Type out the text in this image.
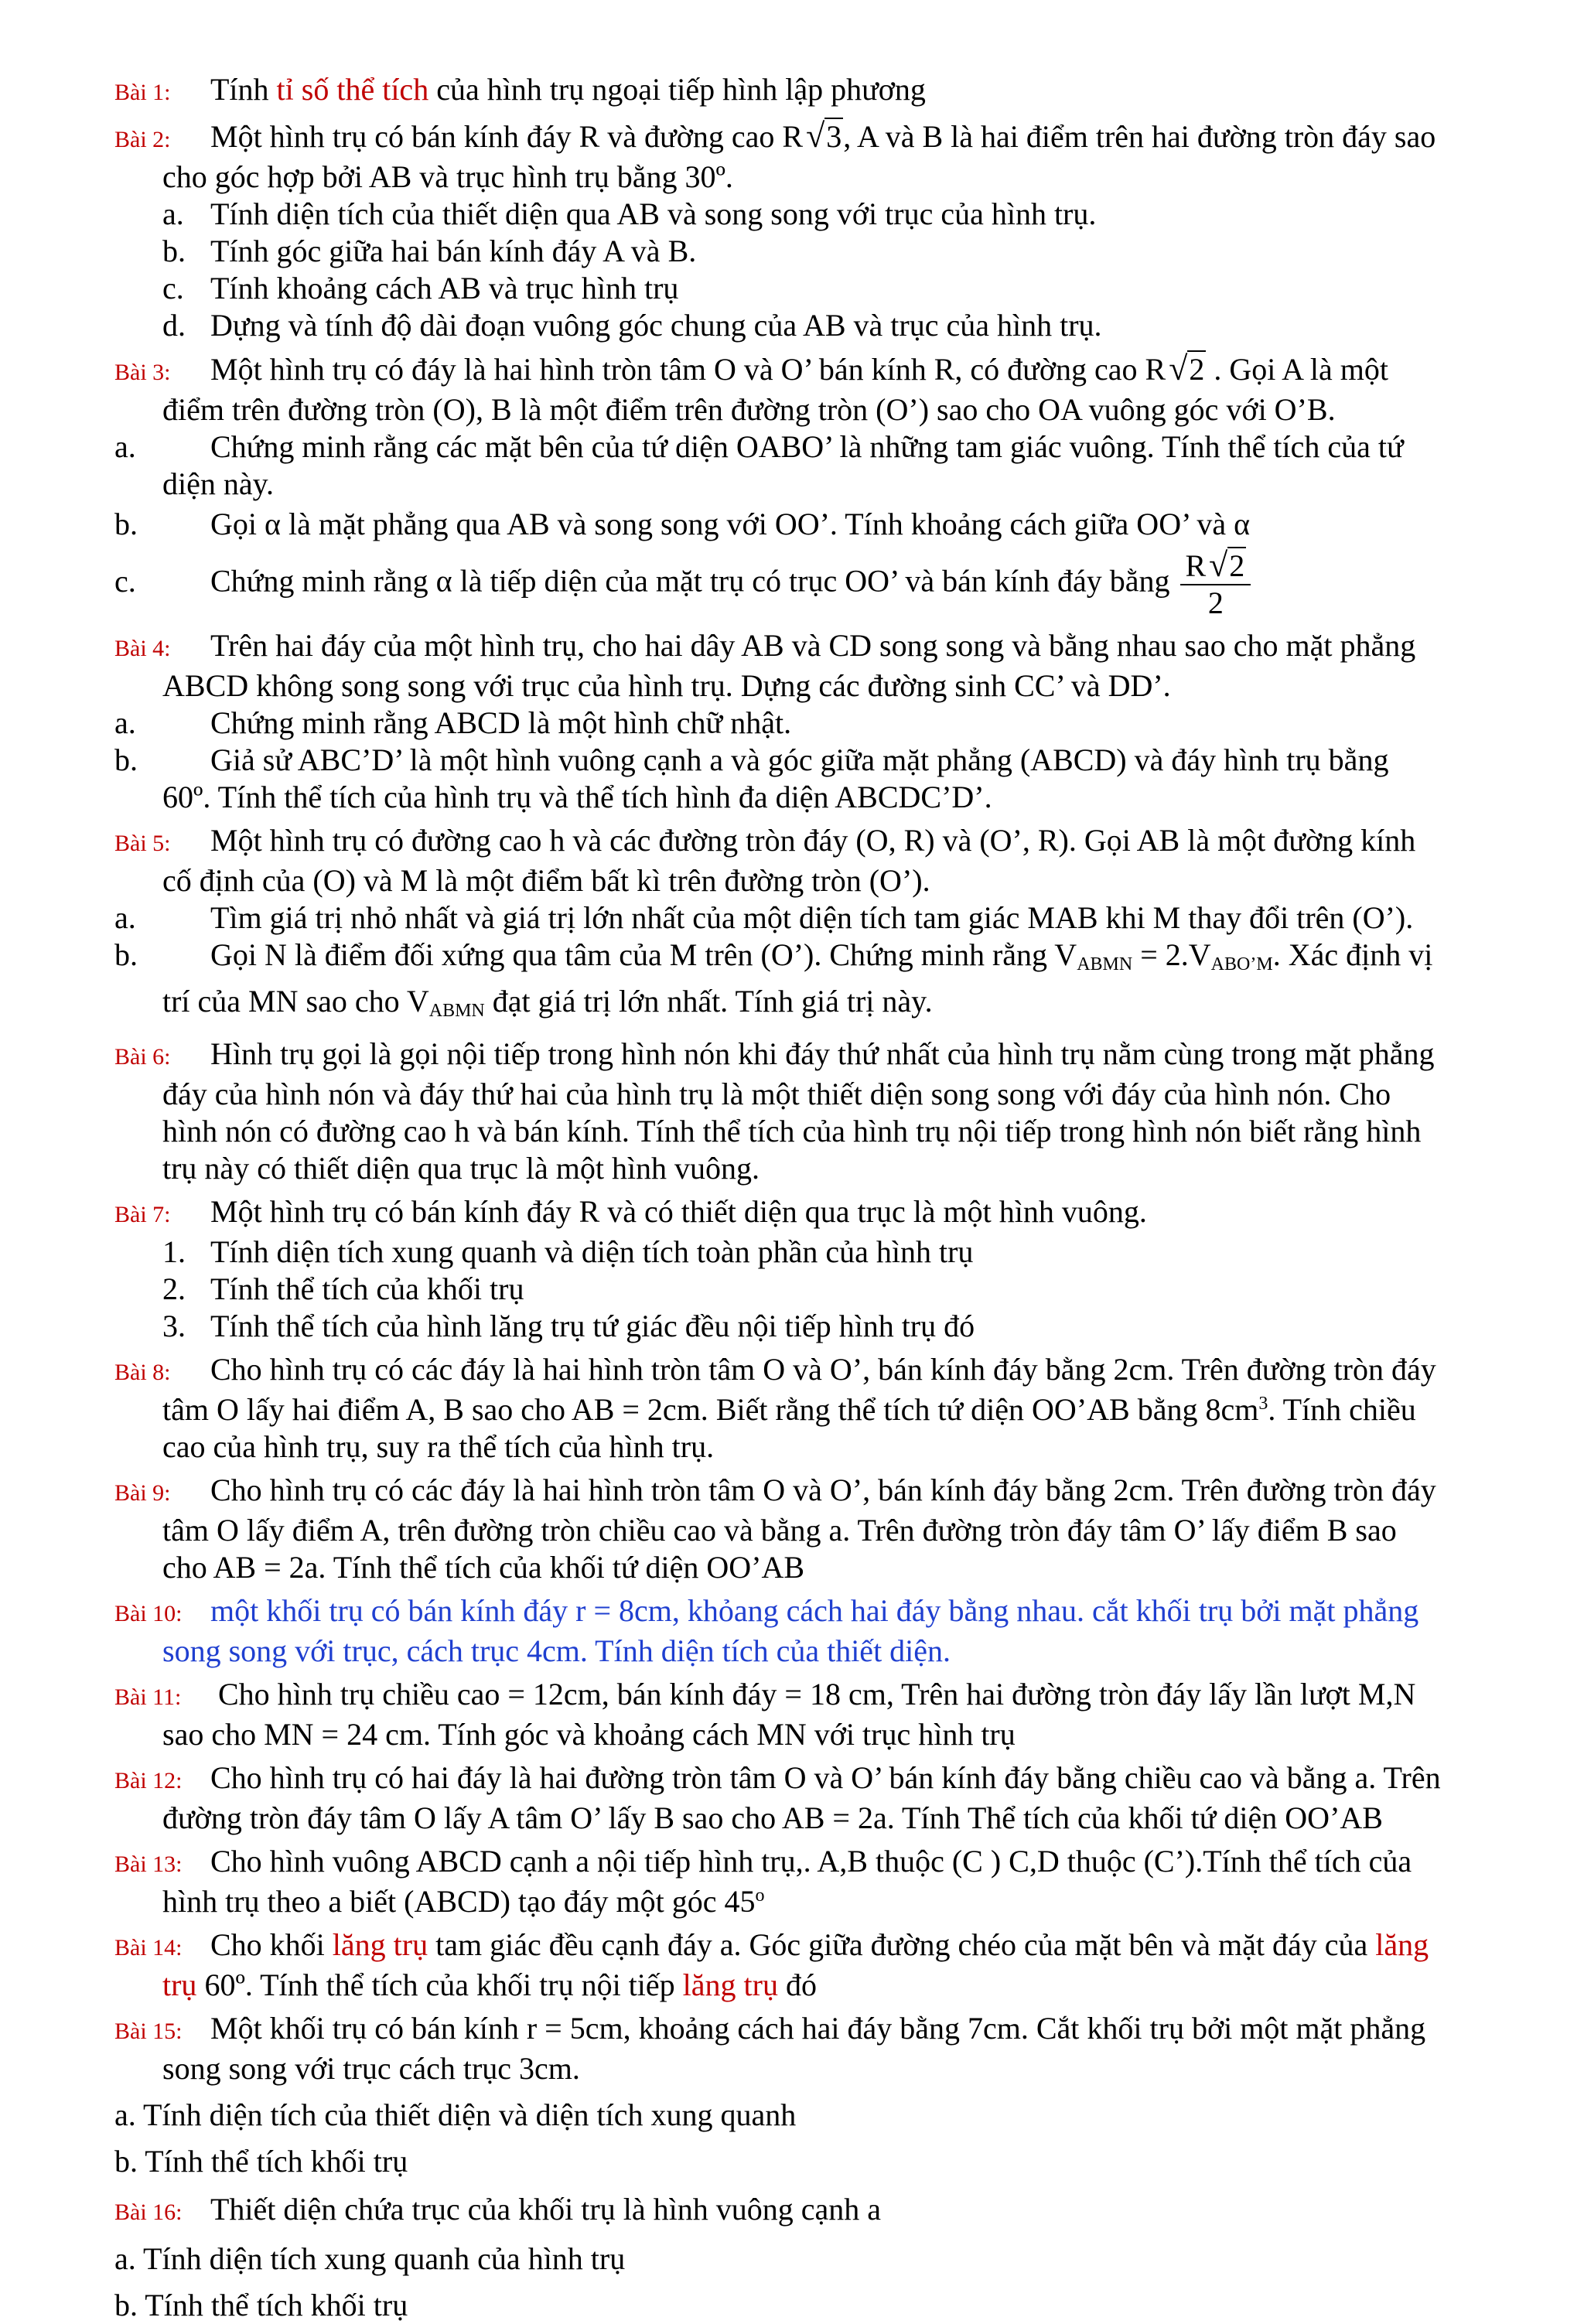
Bài 1: Tính tỉ số thể tích của hình trụ ngoại tiếp hình lập phương
Bài 2: Một hình trụ có bán kính đáy R và đường cao R√3, A và B là hai điểm trên hai đường tròn đáy sao
cho góc hợp bởi AB và trục hình trụ bằng 30º.
a. Tính diện tích của thiết diện qua AB và song song với trục của hình trụ.
b. Tính góc giữa hai bán kính đáy A và B.
c. Tính khoảng cách AB và trục hình trụ
d. Dựng và tính độ dài đoạn vuông góc chung của AB và trục của hình trụ.
Bài 3: Một hình trụ có đáy là hai hình tròn tâm O và O’ bán kính R, có đường cao R√2 . Gọi A là một
điểm trên đường tròn (O), B là một điểm trên đường tròn (O’) sao cho OA vuông góc với O’B.
a. Chứng minh rằng các mặt bên của tứ diện OABO’ là những tam giác vuông. Tính thể tích của tứ
diện này.
b. Gọi α là mặt phẳng qua AB và song song với OO’. Tính khoảng cách giữa OO’ và α
c. Chứng minh rằng α là tiếp diện của mặt trụ có trục OO’ và bán kính đáy bằng $\frac{R√2}{2}$
Bài 4: Trên hai đáy của một hình trụ, cho hai dây AB và CD song song và bằng nhau sao cho mặt phẳng
ABCD không song song với trục của hình trụ. Dựng các đường sinh CC’ và DD’.
a. Chứng minh rằng ABCD là một hình chữ nhật.
b. Giả sử ABC’D’ là một hình vuông cạnh a và góc giữa mặt phẳng (ABCD) và đáy hình trụ bằng
60º. Tính thể tích của hình trụ và thể tích hình đa diện ABCDC’D’.
Bài 5: Một hình trụ có đường cao h và các đường tròn đáy (O, R) và (O’, R). Gọi AB là một đường kính
cố định của (O) và M là một điểm bất kì trên đường tròn (O’).
a. Tìm giá trị nhỏ nhất và giá trị lớn nhất của một diện tích tam giác MAB khi M thay đổi trên (O’).
b. Gọi N là điểm đối xứng qua tâm của M trên (O’). Chứng minh rằng $V_{ABMN} = 2.V_{ABO’M}$. Xác định vị
trí của MN sao cho $V_{ABMN}$ đạt giá trị lớn nhất. Tính giá trị này.
Bài 6: Hình trụ gọi là gọi nội tiếp trong hình nón khi đáy thứ nhất của hình trụ nằm cùng trong mặt phẳng
đáy của hình nón và đáy thứ hai của hình trụ là một thiết diện song song với đáy của hình nón. Cho
hình nón có đường cao h và bán kính. Tính thể tích của hình trụ nội tiếp trong hình nón biết rằng hình
trụ này có thiết diện qua trục là một hình vuông.
Bài 7: Một hình trụ có bán kính đáy R và có thiết diện qua trục là một hình vuông.
1. Tính diện tích xung quanh và diện tích toàn phần của hình trụ
2. Tính thể tích của khối trụ
3. Tính thể tích của hình lăng trụ tứ giác đều nội tiếp hình trụ đó
Bài 8: Cho hình trụ có các đáy là hai hình tròn tâm O và O’, bán kính đáy bằng 2cm. Trên đường tròn đáy
tâm O lấy hai điểm A, B sao cho AB = 2cm. Biết rằng thể tích tứ diện OO’AB bằng $8cm^3$. Tính chiều
cao của hình trụ, suy ra thể tích của hình trụ.
Bài 9: Cho hình trụ có các đáy là hai hình tròn tâm O và O’, bán kính đáy bằng 2cm. Trên đường tròn đáy
tâm O lấy điểm A, trên đường tròn chiều cao và bằng a. Trên đường tròn đáy tâm O’ lấy điểm B sao
cho AB = 2a. Tính thể tích của khối tứ diện OO’AB
Bài 10: một khối trụ có bán kính đáy r = 8cm, khỏang cách hai đáy bằng nhau. cắt khối trụ bởi mặt phẳng
song song với trục, cách trục 4cm. Tính diện tích của thiết diện.
Bài 11: Cho hình trụ chiều cao = 12cm, bán kính đáy = 18 cm, Trên hai đường tròn đáy lấy lần lượt M,N
sao cho MN = 24 cm. Tính góc và khoảng cách MN với trục hình trụ
Bài 12: Cho hình trụ có hai đáy là hai đường tròn tâm O và O’ bán kính đáy bằng chiều cao và bằng a. Trên
đường tròn đáy tâm O lấy A tâm O’ lấy B sao cho AB = 2a. Tính Thể tích của khối tứ diện OO’AB
Bài 13: Cho hình vuông ABCD cạnh a nội tiếp hình trụ,. A,B thuộc (C ) C,D thuộc (C’).Tính thể tích của
hình trụ theo a biết (ABCD) tạo đáy một góc 45$^o$
Bài 14: Cho khối lăng trụ tam giác đều cạnh đáy a. Góc giữa đường chéo của mặt bên và mặt đáy của lăng
trụ 60º. Tính thể tích của khối trụ nội tiếp lăng trụ đó
Bài 15: Một khối trụ có bán kính r = 5cm, khoảng cách hai đáy bằng 7cm. Cắt khối trụ bởi một mặt phẳng
song song với trục cách trục 3cm.
a. Tính diện tích của thiết diện và diện tích xung quanh
b. Tính thể tích khối trụ
Bài 16: Thiết diện chứa trục của khối trụ là hình vuông cạnh a
a. Tính diện tích xung quanh của hình trụ
b. Tính thể tích khối trụ
